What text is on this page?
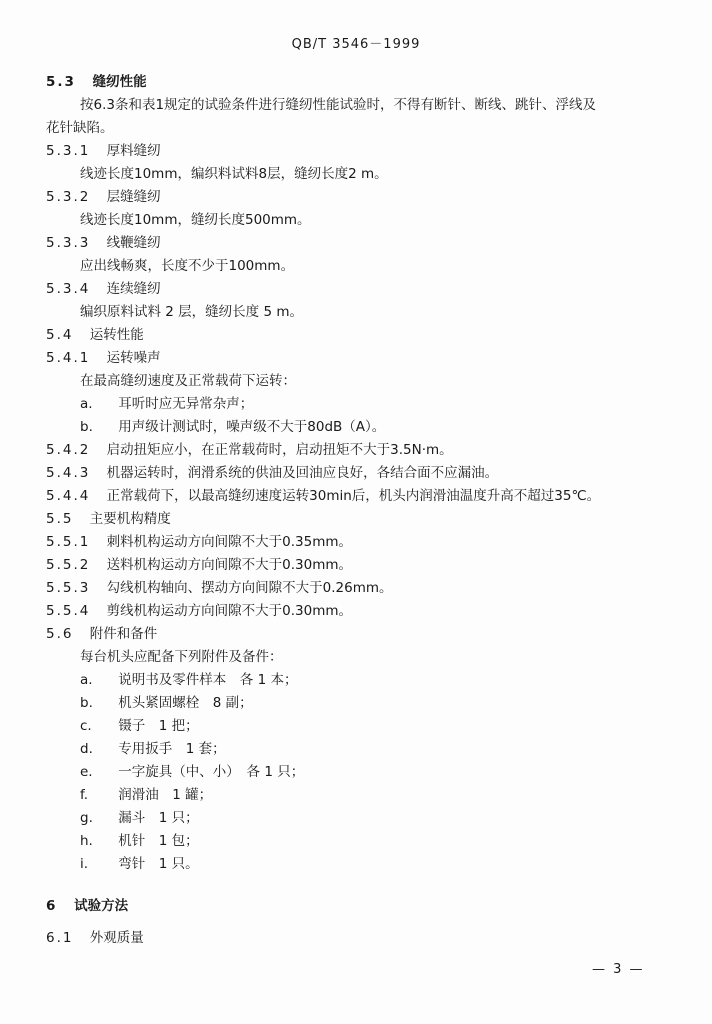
QB/T 3546－1999
5.3 缝纫性能
按6.3条和表1规定的试验条件进行缝纫性能试验时，不得有断针、断线、跳针、浮线及
花针缺陷。
5.3.1 厚料缝纫
线迹长度10mm，编织料试料8层，缝纫长度2 m。
5.3.2 层缝缝纫
线迹长度10mm，缝纫长度500mm。
5.3.3 线鞭缝纫
应出线畅爽，长度不少于100mm。
5.3.4 连续缝纫
编织原料试料 2 层，缝纫长度 5 m。
5.4 运转性能
5.4.1 运转噪声
在最高缝纫速度及正常载荷下运转：
a. 耳听时应无异常杂声；
b. 用声级计测试时，噪声级不大于80dB（A）。
5.4.2 启动扭矩应小，在正常载荷时，启动扭矩不大于3.5N·m。
5.4.3 机器运转时，润滑系统的供油及回油应良好，各结合面不应漏油。
5.4.4 正常载荷下，以最高缝纫速度运转30min后，机头内润滑油温度升高不超过35℃。
5.5 主要机构精度
5.5.1 刺料机构运动方向间隙不大于0.35mm。
5.5.2 送料机构运动方向间隙不大于0.30mm。
5.5.3 勾线机构轴向、摆动方向间隙不大于0.26mm。
5.5.4 剪线机构运动方向间隙不大于0.30mm。
5.6 附件和备件
每台机头应配备下列附件及备件：
a. 说明书及零件样本　各 1 本；
b. 机头紧固螺栓　8 副；
c. 镊子　1 把；
d. 专用扳手　1 套；
e. 一字旋具（中、小）　各 1 只；
f. 润滑油　1 罐；
g. 漏斗　1 只；
h. 机针　1 包；
i. 弯针　1 只。
6 试验方法
6.1 外观质量
— 3 —
